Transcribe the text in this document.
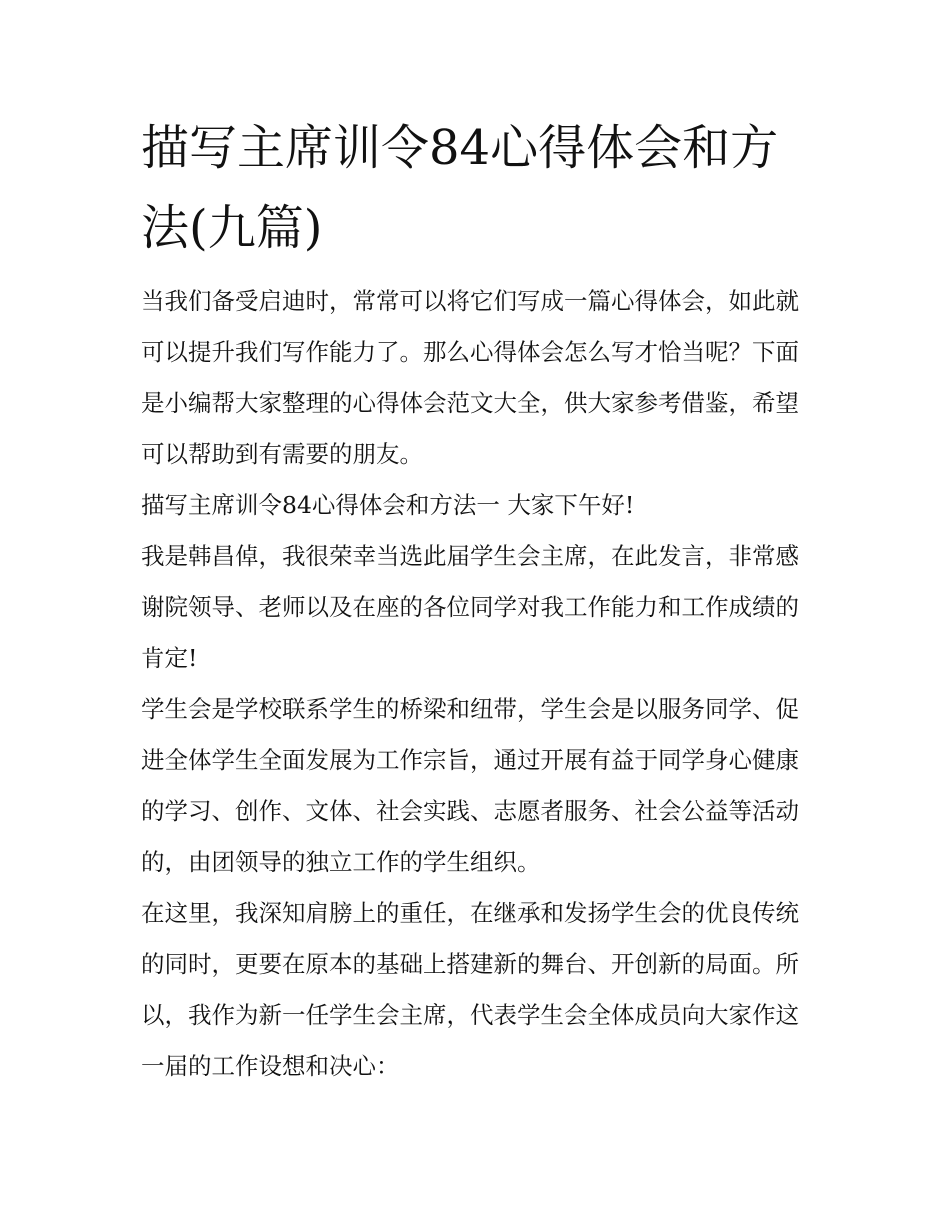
描写主席训令84心得体会和方法(九篇)

当我们备受启迪时，常常可以将它们写成一篇心得体会，如此就可以提升我们写作能力了。那么心得体会怎么写才恰当呢？下面是小编帮大家整理的心得体会范文大全，供大家参考借鉴，希望可以帮助到有需要的朋友。

描写主席训令84心得体会和方法一 大家下午好!

我是韩昌倬，我很荣幸当选此届学生会主席，在此发言，非常感谢院领导、老师以及在座的各位同学对我工作能力和工作成绩的肯定!

学生会是学校联系学生的桥梁和纽带，学生会是以服务同学、促进全体学生全面发展为工作宗旨，通过开展有益于同学身心健康的学习、创作、文体、社会实践、志愿者服务、社会公益等活动的，由团领导的独立工作的学生组织。

在这里，我深知肩膀上的重任，在继承和发扬学生会的优良传统的同时，更要在原本的基础上搭建新的舞台、开创新的局面。所以，我作为新一任学生会主席，代表学生会全体成员向大家作这一届的工作设想和决心：
